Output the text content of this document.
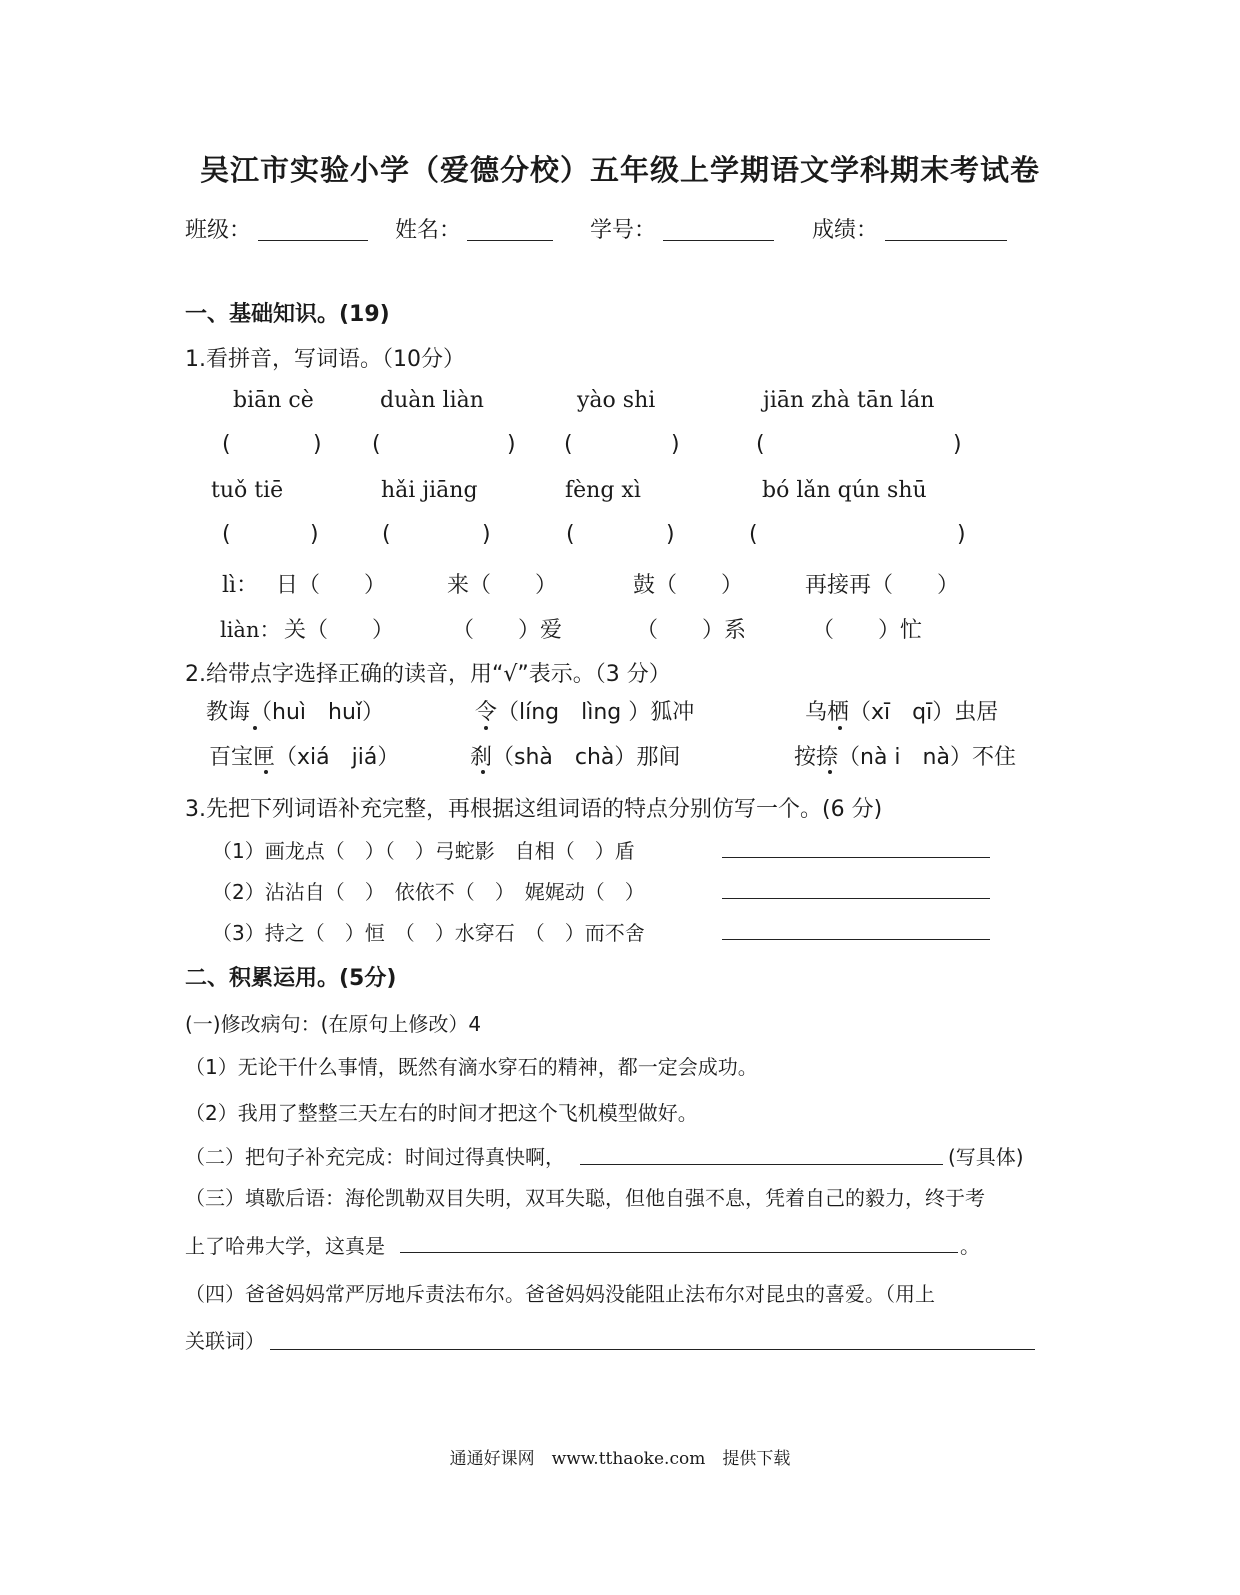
吴江市实验小学（爱德分校）五年级上学期语文学科期末考试卷
班级：	姓名：	学号：	成绩：
一、基础知识。(19)
1.看拼音，写词语。（10分）
biān cè	duàn liàn	yào shi	jiān zhà tān lán
(	) (	) (	)	(	)
tuǒ tiē	hǎi jiāng	fèng xì	bó lǎn qún shū
(	)	(	)	(	)	(	)
lì： 日（　　）	来（　　）	鼓（　　）	再接再（　　）
liàn： 关（　　）	（　　）爱	（　　）系	（　　）忙
2.给带点字选择正确的读音，用“√”表示。（3 分）
教诲（huì　huǐ）	令（líng　lìng ）狐冲	乌栖（xī　qī）虫居
百宝匣（xiá　jiá）	刹（shà　chà）那间	按捺（nà i　nà）不住
3.先把下列词语补充完整，再根据这组词语的特点分别仿写一个。(6 分)
（1）画龙点（　）（　）弓蛇影　自相（　）盾
（2）沾沾自（　）　依依不（　）　娓娓动（　）
（3）持之（　）恒　（　）水穿石　（　）而不舍
二、积累运用。(5分)
(一)修改病句：(在原句上修改）4
（1）无论干什么事情，既然有滴水穿石的精神，都一定会成功。
（2）我用了整整三天左右的时间才把这个飞机模型做好。
（二）把句子补充完成：时间过得真快啊，	(写具体)
（三）填歇后语：海伦凯勒双目失明，双耳失聪，但他自强不息，凭着自己的毅力，终于考
上了哈弗大学，这真是	。
（四）爸爸妈妈常严厉地斥责法布尔。爸爸妈妈没能阻止法布尔对昆虫的喜爱。（用上
关联词）
通通好课网　www.tthaoke.com　提供下载
